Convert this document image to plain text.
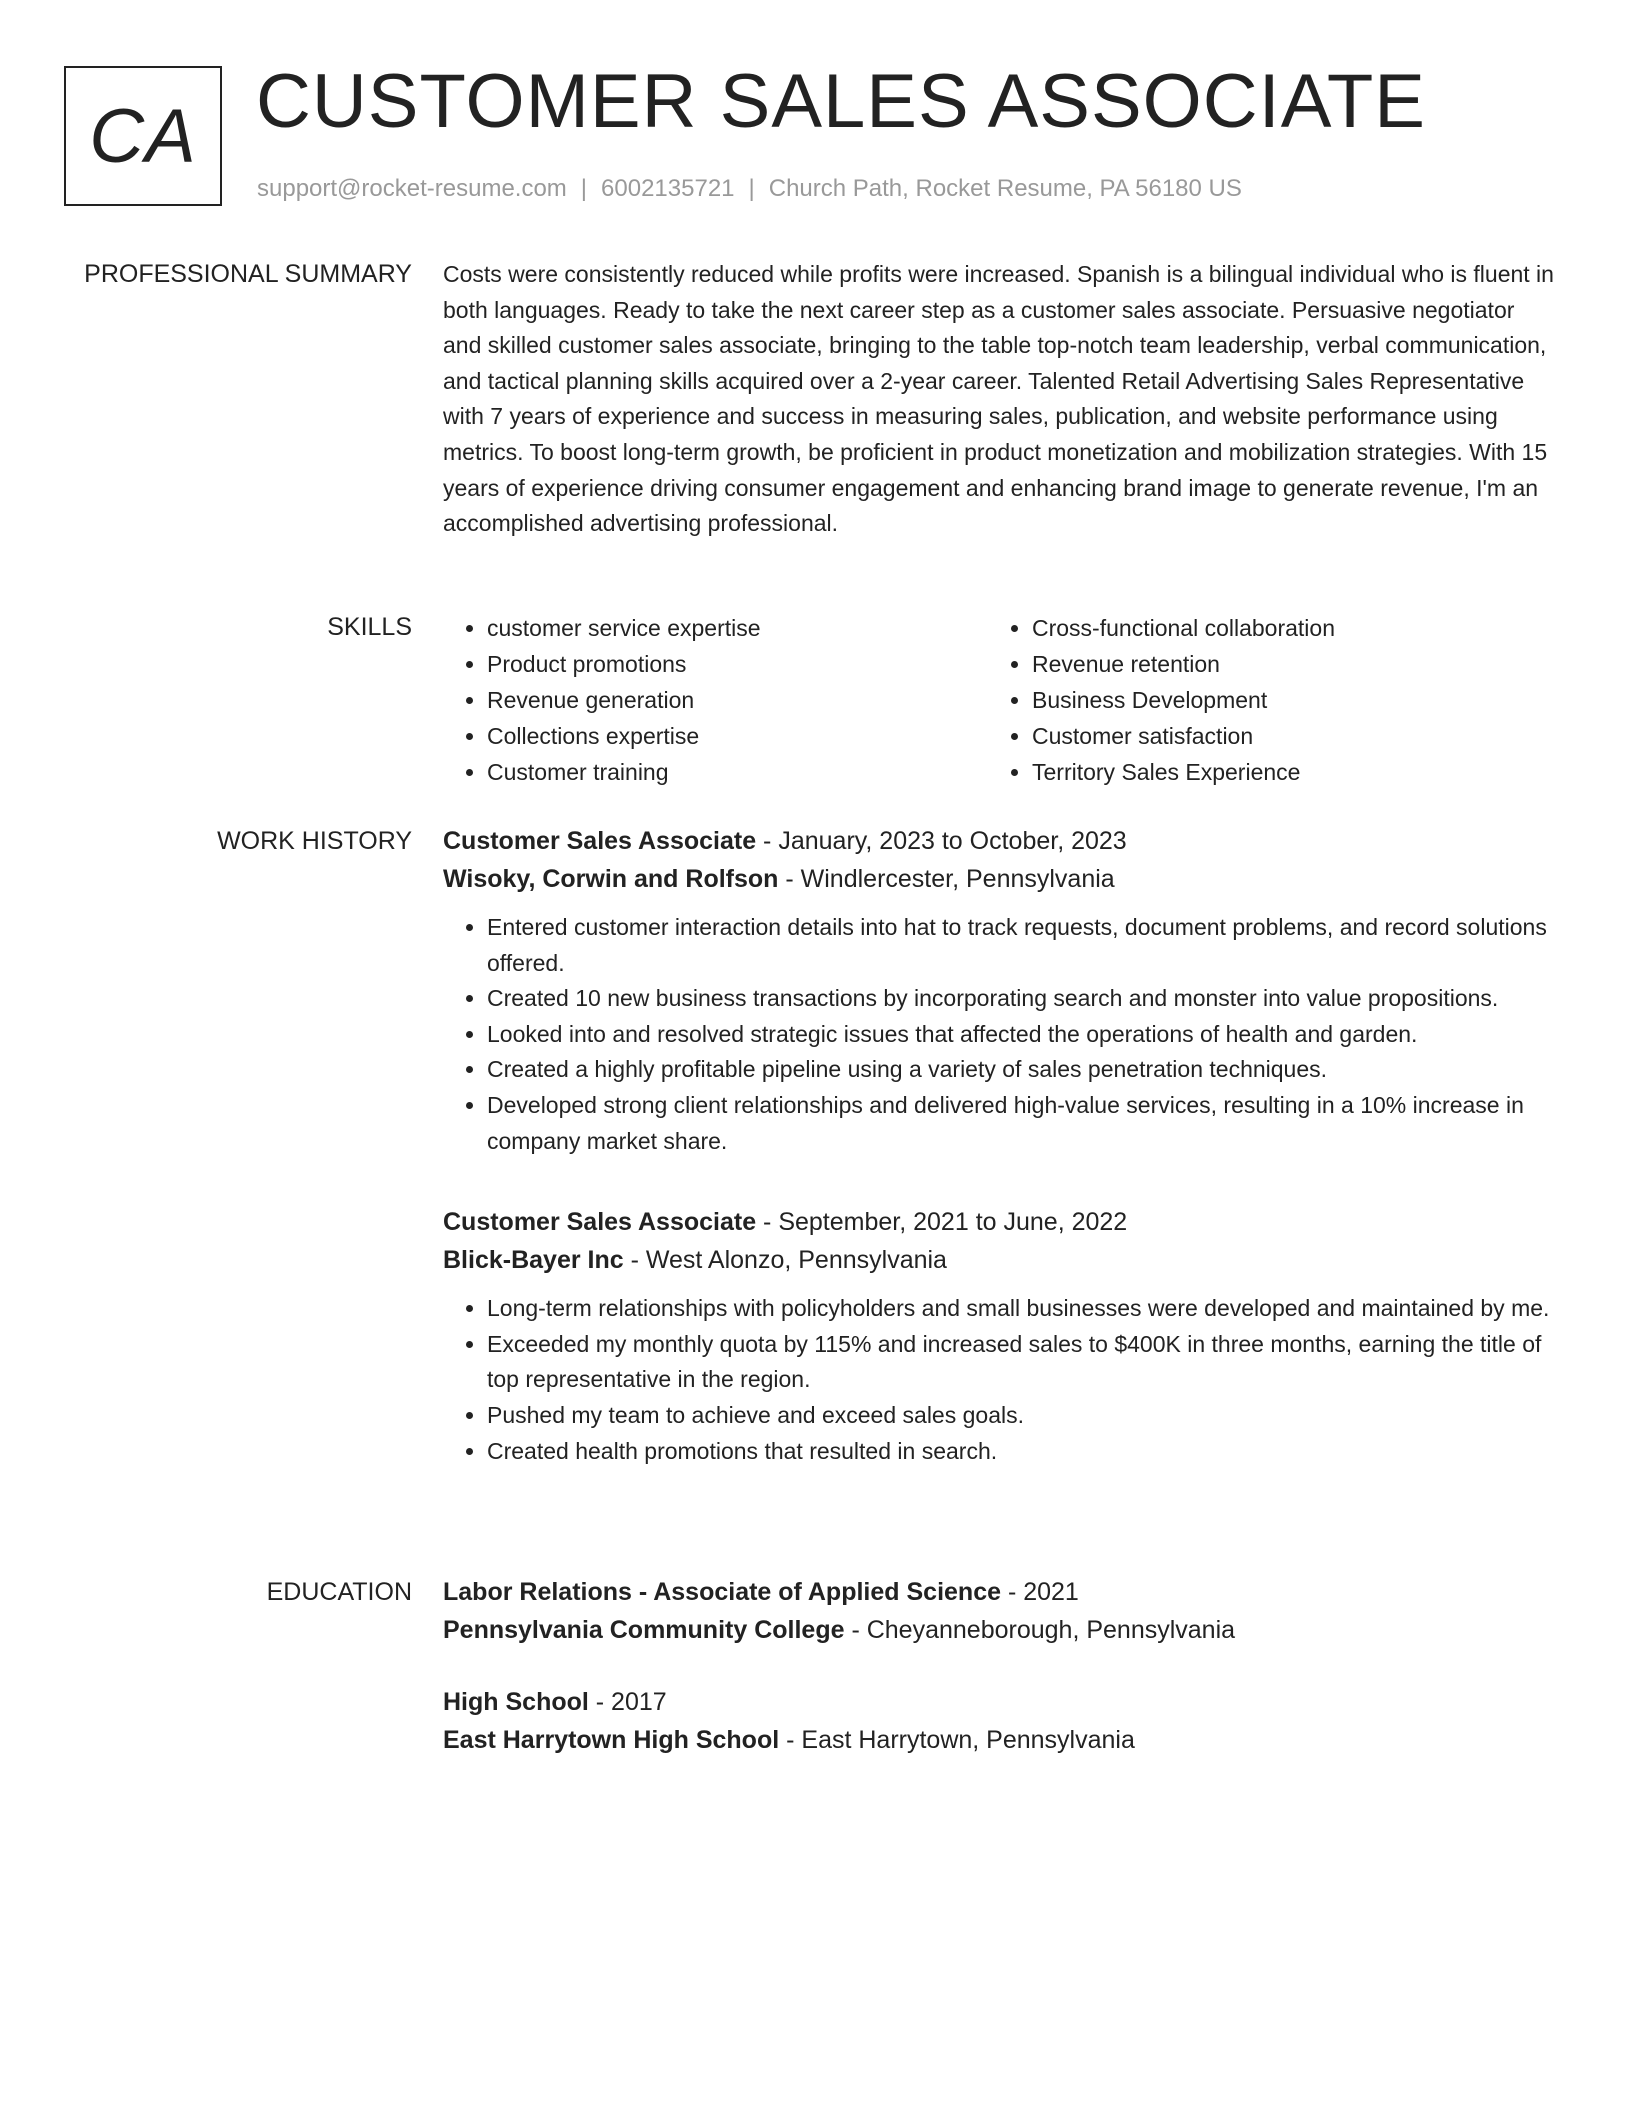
CA CUSTOMER SALES ASSOCIATE
support@rocket-resume.com | 6002135721 | Church Path, Rocket Resume, PA 56180 US
PROFESSIONAL SUMMARY Costs were consistently reduced while profits were increased. Spanish is a bilingual individual who is fluent in both languages. Ready to take the next career step as a customer sales associate. Persuasive negotiator and skilled customer sales associate, bringing to the table top-notch team leadership, verbal communication, and tactical planning skills acquired over a 2-year career. Talented Retail Advertising Sales Representative with 7 years of experience and success in measuring sales, publication, and website performance using metrics. To boost long-term growth, be proficient in product monetization and mobilization strategies. With 15 years of experience driving consumer engagement and enhancing brand image to generate revenue, I'm an accomplished advertising professional.

SKILLS
•	customer service expertise
• Product promotions
• Revenue generation
• Collections expertise
• Customer training
• Cross-functional collaboration
• Revenue retention
• Business Development
• Customer satisfaction
• Territory Sales Experience
WORK HISTORY Customer Sales Associate - January, 2023 to October, 2023
Wisoky, Corwin and Rolfson - Windlercester, Pennsylvania
• Entered customer interaction details into hat to track requests, document problems, and record solutions offered.
• Created 10 new business transactions by incorporating search and monster into value propositions.
• Looked into and resolved strategic issues that affected the operations of health and garden.
• Created a highly profitable pipeline using a variety of sales penetration techniques.
• Developed strong client relationships and delivered high-value services, resulting in a 10% increase in company market share.
Customer Sales Associate - September, 2021 to June, 2022
Blick-Bayer Inc - West Alonzo, Pennsylvania
• Long-term relationships with policyholders and small businesses were developed and maintained by me.
• Exceeded my monthly quota by 115% and increased sales to $400K in three months, earning the title of top representative in the region.
• Pushed my team to achieve and exceed sales goals.
• Created health promotions that resulted in search.
EDUCATION Labor Relations - Associate of Applied Science - 2021
Pennsylvania Community College - Cheyanneborough, Pennsylvania
High School - 2017
East Harrytown High School - East Harrytown, Pennsylvania
